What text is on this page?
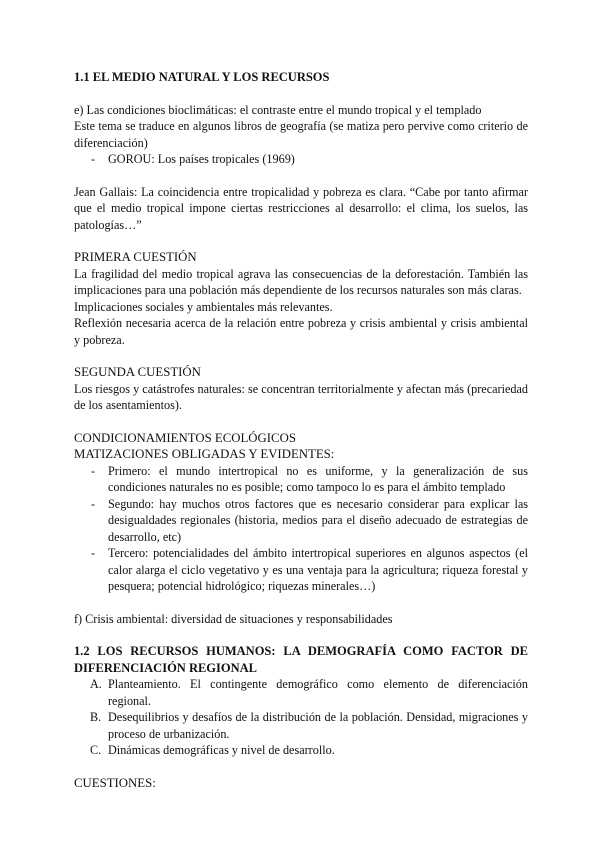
1.1 EL MEDIO NATURAL Y LOS RECURSOS

e) Las condiciones bioclimáticas: el contraste entre el mundo tropical y el templado

Este tema se traduce en algunos libros de geografía (se matiza pero pervive como criterio de diferenciación)

- GOROU: Los países tropicales (1969)

Jean Gallais: La coincidencia entre tropicalidad y pobreza es clara. “Cabe por tanto afirmar que el medio tropical impone ciertas restricciones al desarrollo: el clima, los suelos, las patologías…”

PRIMERA CUESTIÓN

La fragilidad del medio tropical agrava las consecuencias de la deforestación. También las implicaciones para una población más dependiente de los recursos naturales son más claras.

Implicaciones sociales y ambientales más relevantes.

Reflexión necesaria acerca de la relación entre pobreza y crisis ambiental y crisis ambiental y pobreza.

SEGUNDA CUESTIÓN

Los riesgos y catástrofes naturales: se concentran territorialmente y afectan más (precariedad de los asentamientos).

CONDICIONAMIENTOS ECOLÓGICOS

MATIZACIONES OBLIGADAS Y EVIDENTES:

- Primero: el mundo intertropical no es uniforme, y la generalización de sus condiciones naturales no es posible; como tampoco lo es para el ámbito templado
- Segundo: hay muchos otros factores que es necesario considerar para explicar las desigualdades regionales (historia, medios para el diseño adecuado de estrategias de desarrollo, etc)
- Tercero: potencialidades del ámbito intertropical superiores en algunos aspectos (el calor alarga el ciclo vegetativo y es una ventaja para la agricultura; riqueza forestal y pesquera; potencial hidrológico; riquezas minerales…)

f) Crisis ambiental: diversidad de situaciones y responsabilidades

1.2 LOS RECURSOS HUMANOS: LA DEMOGRAFÍA COMO FACTOR DE DIFERENCIACIÓN REGIONAL

A. Planteamiento. El contingente demográfico como elemento de diferenciación regional.
B. Desequilibrios y desafíos de la distribución de la población. Densidad, migraciones y proceso de urbanización.
C. Dinámicas demográficas y nivel de desarrollo.

CUESTIONES:
